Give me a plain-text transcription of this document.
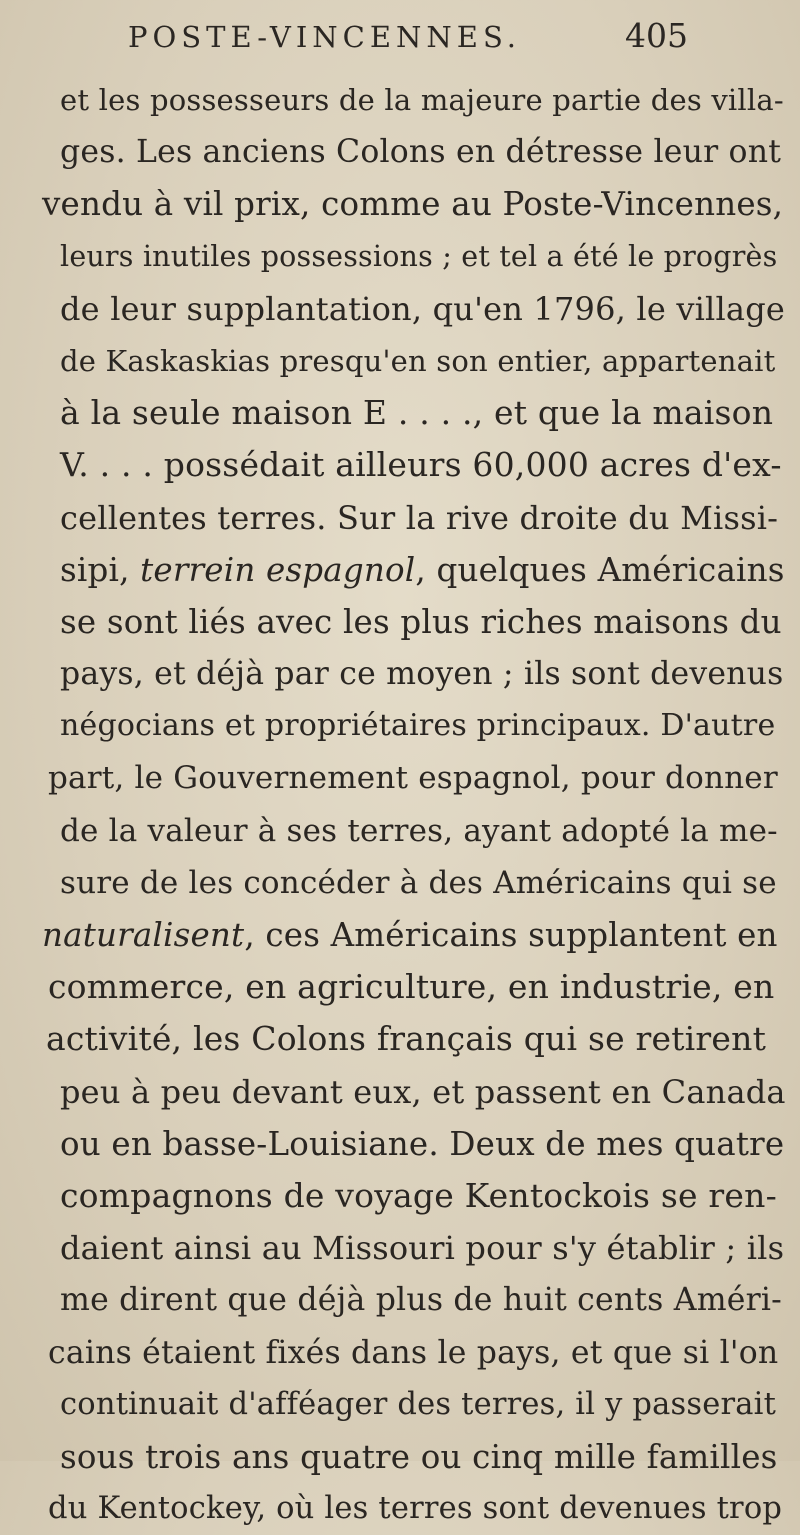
POSTE-VINCENNES.	405
et les possesseurs de la majeure partie des villa-
ges. Les anciens Colons en détresse leur ont
vendu à vil prix, comme au Poste-Vincennes,
leurs inutiles possessions ; et tel a été le progrès
de leur supplantation, qu'en 1796, le village
de Kaskaskias presqu'en son entier, appartenait
à la seule maison E . . . ., et que la maison
V. . . . possédait ailleurs 60,000 acres d'ex-
cellentes terres. Sur la rive droite du Missi-
sipi, terrein espagnol, quelques Américains
se sont liés avec les plus riches maisons du
pays, et déjà par ce moyen ; ils sont devenus
négocians et propriétaires principaux. D'autre
part, le Gouvernement espagnol, pour donner
de la valeur à ses terres, ayant adopté la me-
sure de les concéder à des Américains qui se
naturalisent, ces Américains supplantent en
commerce, en agriculture, en industrie, en
activité, les Colons français qui se retirent
peu à peu devant eux, et passent en Canada
ou en basse-Louisiane. Deux de mes quatre
compagnons de voyage Kentockois se ren-
daient ainsi au Missouri pour s'y établir ; ils
me dirent que déjà plus de huit cents Améri-
cains étaient fixés dans le pays, et que si l'on
continuait d'afféager des terres, il y passerait
sous trois ans quatre ou cinq mille familles
du Kentockey, où les terres sont devenues trop
